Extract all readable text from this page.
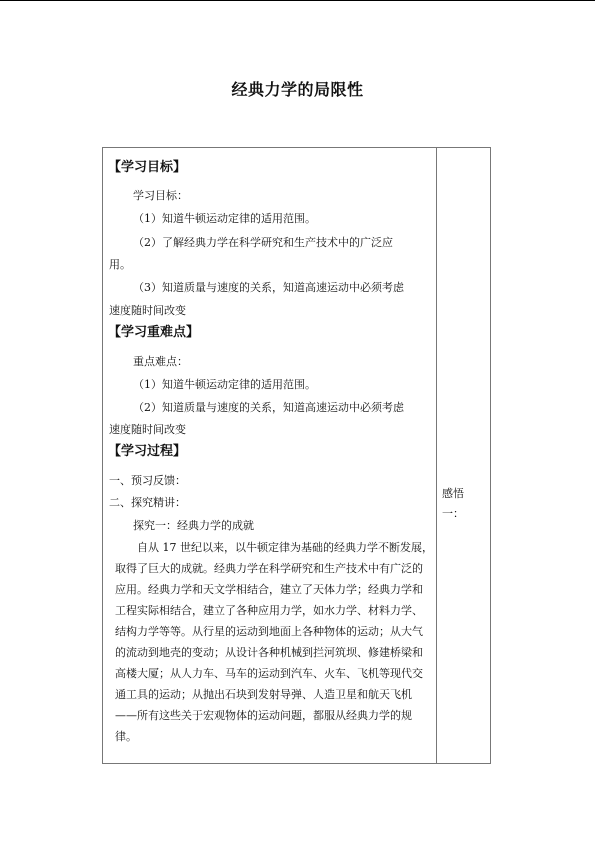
经典力学的局限性
【学习目标】
学习目标：
（1）知道牛顿运动定律的适用范围。
（2）了解经典力学在科学研究和生产技术中的广泛应
用。
（3）知道质量与速度的关系，知道高速运动中必须考虑
速度随时间改变
【学习重难点】
重点难点：
（1）知道牛顿运动定律的适用范围。
（2）知道质量与速度的关系，知道高速运动中必须考虑
速度随时间改变
【学习过程】
一、预习反馈：
二、探究精讲：
探究一：经典力学的成就
自从 17 世纪以来，以牛顿定律为基础的经典力学不断发展，取得了巨大的成就。经典力学在科学研究和生产技术中有广泛的应用。经典力学和天文学相结合，建立了天体力学；经典力学和工程实际相结合，建立了各种应用力学，如水力学、材料力学、结构力学等等。从行星的运动到地面上各种物体的运动；从大气的流动到地壳的变动；从设计各种机械到拦河筑坝、修建桥梁和高楼大厦；从人力车、马车的运动到汽车、火车、飞机等现代交通工具的运动；从抛出石块到发射导弹、人造卫星和航天飞机——所有这些关于宏观物体的运动问题，都服从经典力学的规律。
感悟一：
